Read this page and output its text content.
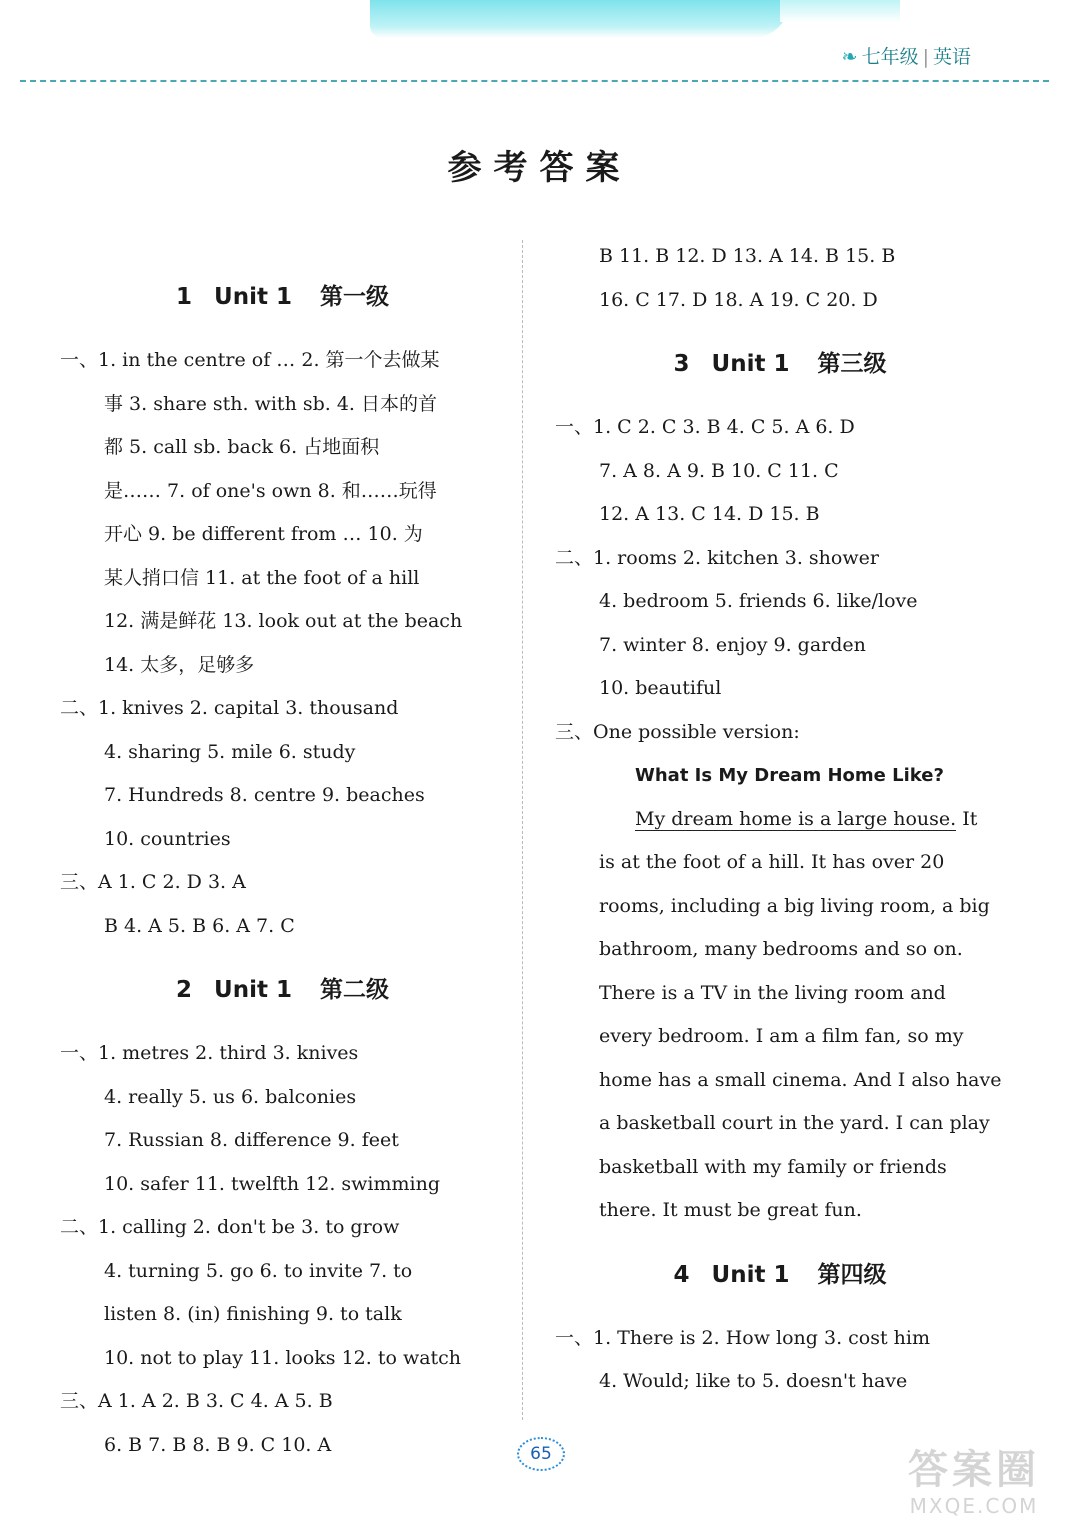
❧ 七年级 | 英语
参考答案
1 Unit 1 第一级
一、1. in the centre of … 2. 第一个去做某
事 3. share sth. with sb. 4. 日本的首
都 5. call sb. back 6. 占地面积
是…… 7. of one's own 8. 和……玩得
开心 9. be different from … 10. 为
某人捎口信 11. at the foot of a hill
12. 满是鲜花 13. look out at the beach
14. 太多，足够多
二、1. knives 2. capital 3. thousand
4. sharing 5. mile 6. study
7. Hundreds 8. centre 9. beaches
10. countries
三、A 1. C 2. D 3. A
B 4. A 5. B 6. A 7. C
2 Unit 1 第二级
一、1. metres 2. third 3. knives
4. really 5. us 6. balconies
7. Russian 8. difference 9. feet
10. safer 11. twelfth 12. swimming
二、1. calling 2. don't be 3. to grow
4. turning 5. go 6. to invite 7. to
listen 8. (in) finishing 9. to talk
10. not to play 11. looks 12. to watch
三、A 1. A 2. B 3. C 4. A 5. B
6. B 7. B 8. B 9. C 10. A
B 11. B 12. D 13. A 14. B 15. B
16. C 17. D 18. A 19. C 20. D
3 Unit 1 第三级
一、1. C 2. C 3. B 4. C 5. A 6. D
7. A 8. A 9. B 10. C 11. C
12. A 13. C 14. D 15. B
二、1. rooms 2. kitchen 3. shower
4. bedroom 5. friends 6. like/love
7. winter 8. enjoy 9. garden
10. beautiful
三、One possible version:
What Is My Dream Home Like?
My dream home is a large house. It
is at the foot of a hill. It has over 20
rooms, including a big living room, a big
bathroom, many bedrooms and so on.
There is a TV in the living room and
every bedroom. I am a film fan, so my
home has a small cinema. And I also have
a basketball court in the yard. I can play
basketball with my family or friends
there. It must be great fun.
4 Unit 1 第四级
一、1. There is 2. How long 3. cost him
4. Would; like to 5. doesn't have
65	答案圈
MXQE.COM
